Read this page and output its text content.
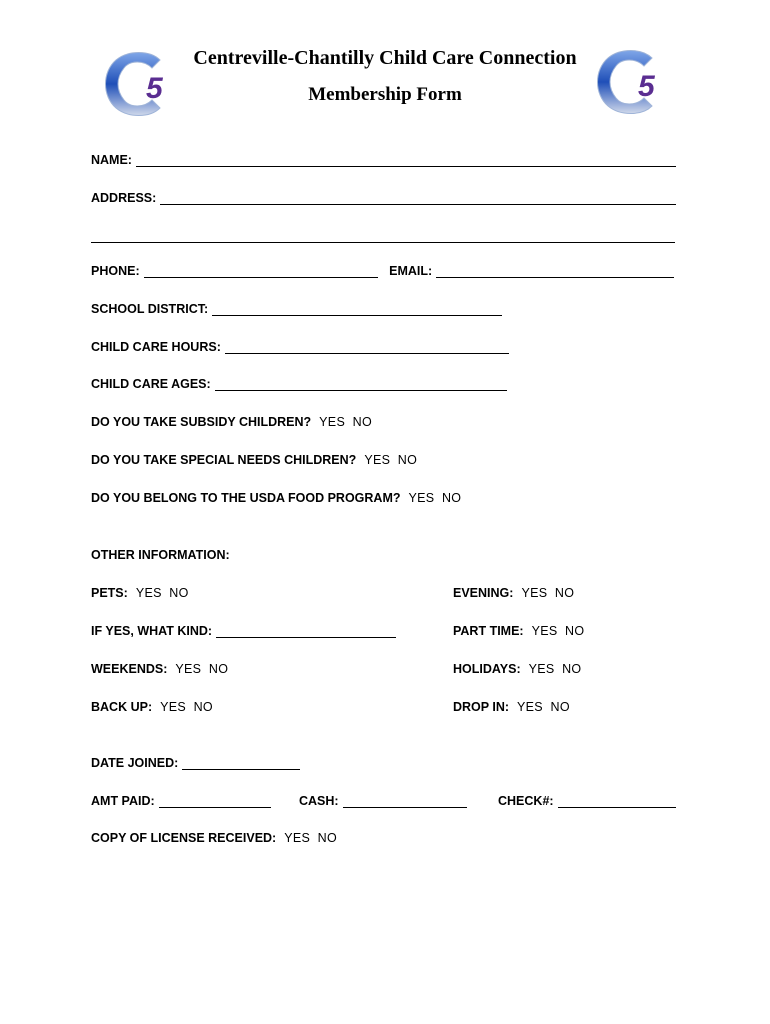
5	5
Centreville-Chantilly Child Care Connection
Membership Form
NAME:
ADDRESS:
PHONE:	EMAIL:
SCHOOL DISTRICT:
CHILD CARE HOURS:
CHILD CARE AGES:
DO YOU TAKE SUBSIDY CHILDREN? YES  NO
DO YOU TAKE SPECIAL NEEDS CHILDREN? YES  NO
DO YOU BELONG TO THE USDA FOOD PROGRAM? YES  NO
OTHER INFORMATION:
PETS: YES  NO	EVENING: YES  NO
IF YES, WHAT KIND:	PART TIME: YES  NO
WEEKENDS: YES  NO	HOLIDAYS: YES  NO
BACK UP: YES  NO	DROP IN: YES  NO
DATE JOINED:
AMT PAID:	CASH:	CHECK#:
COPY OF LICENSE RECEIVED: YES  NO
